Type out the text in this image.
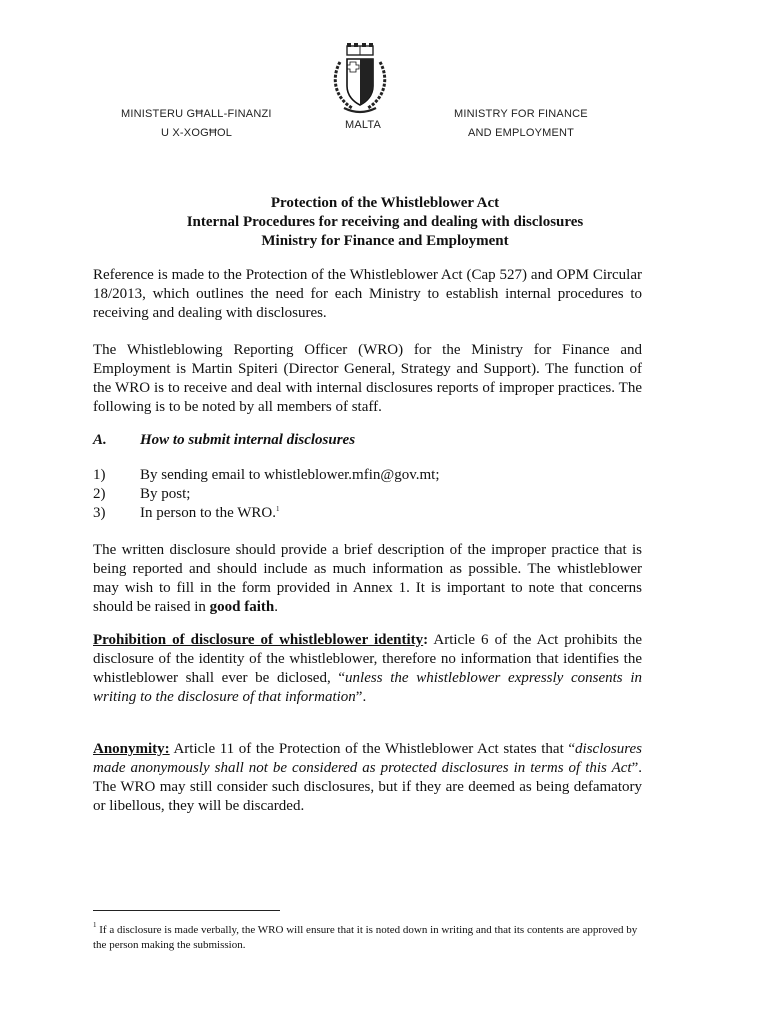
MINISTERU GĦALL-FINANZI
U X-XOGĦOL
MALTA
MINISTRY FOR FINANCE
AND EMPLOYMENT
Protection of the Whistleblower Act
Internal Procedures for receiving and dealing with disclosures
Ministry for Finance and Employment

Reference is made to the Protection of the Whistleblower Act (Cap 527) and OPM Circular 18/2013, which outlines the need for each Ministry to establish internal procedures to receiving and dealing with disclosures.

The Whistleblowing Reporting Officer (WRO) for the Ministry for Finance and Employment is Martin Spiteri (Director General, Strategy and Support). The function of the WRO is to receive and deal with internal disclosures reports of improper practices. The following is to be noted by all members of staff.

A. How to submit internal disclosures
1) By sending email to whistleblower.mfin@gov.mt;
2) By post;
3) In person to the WRO.$^1$

The written disclosure should provide a brief description of the improper practice that is being reported and should include as much information as possible. The whistleblower may wish to fill in the form provided in Annex 1. It is important to note that concerns should be raised in good faith.

Prohibition of disclosure of whistleblower identity: Article 6 of the Act prohibits the disclosure of the identity of the whistleblower, therefore no information that identifies the whistleblower shall ever be diclosed, “unless the whistleblower expressly consents in writing to the disclosure of that information”.

Anonymity: Article 11 of the Protection of the Whistleblower Act states that “disclosures made anonymously shall not be considered as protected disclosures in terms of this Act”. The WRO may still consider such disclosures, but if they are deemed as being defamatory or libellous, they will be discarded.

$^1$ If a disclosure is made verbally, the WRO will ensure that it is noted down in writing and that its contents are approved by the person making the submission.
